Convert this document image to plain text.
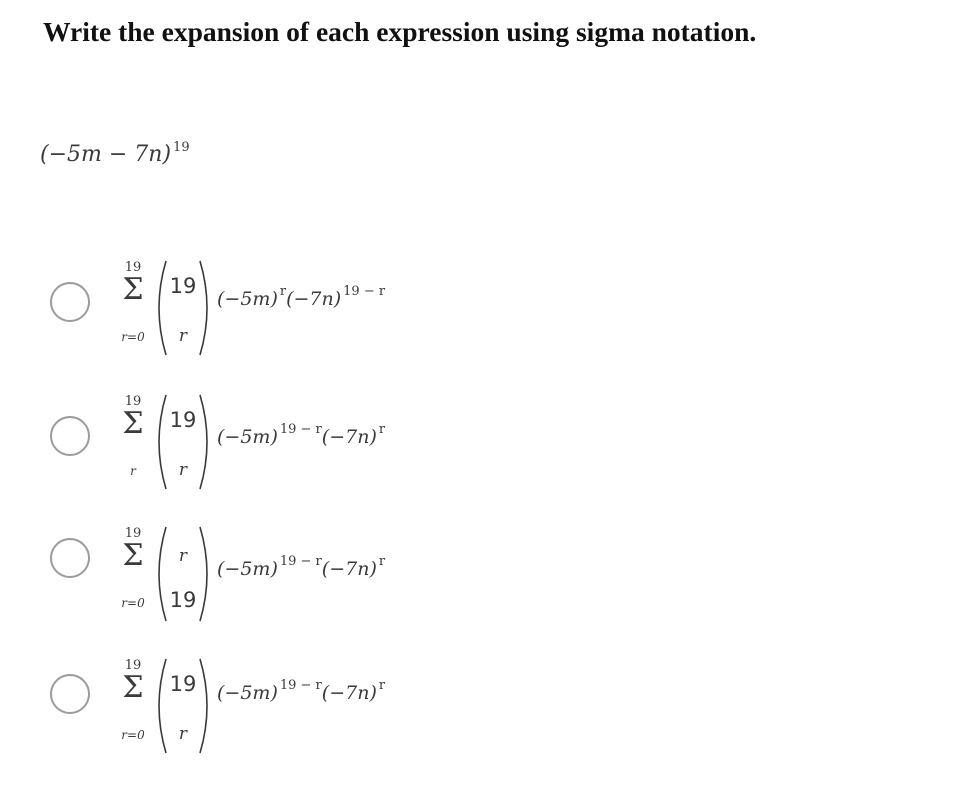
Write the expansion of each expression using sigma notation.
(−5m − 7n) $^{19}$
19
Σ
r=0
19
r
(−5m) $^r$(−7n) $^{19 - r}$
19
Σ
r
19
r
(−5m) $^{19 - r}$(−7n) $^r$
19
Σ
r=0
r
19
(−5m) $^{19 - r}$(−7n) $^r$
19
Σ
r=0
19
r
(−5m) $^{19 - r}$(−7n) $^r$
